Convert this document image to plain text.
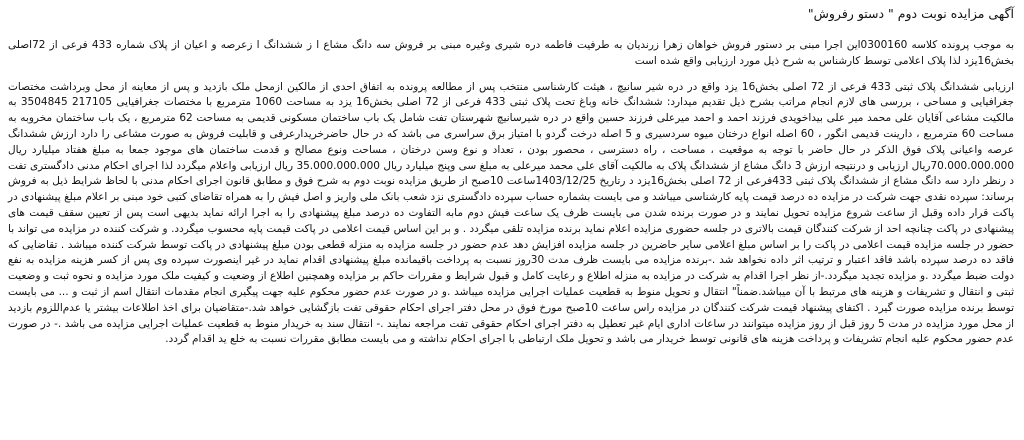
آگهی مزایده نوبت دوم " دستو رفروش"

به موجب پرونده کلاسه 0300160این اجرا مبنی بر دستور فروش خواهان زهرا زرندیان به طرفیت فاطمه دره شیری وغیره مبنی بر فروش سه دانگ مشاع ا ز ششدانگ ا زعرصه و اعیان از پلاک شماره 433 فرعی از 72اصلی بخش16یزد لذا پلاک اعلامی توسط کارشناس به شرح ذیل مورد ارزیابی واقع شده است

ارزیابی ششدانگ پلاک ثبتی 433 فرعی از 72 اصلی بخش16 یزد واقع در دره شیر سانیچ ، هیئت کارشناسی منتخب پس از مطالعه پرونده به اتفاق احدی از مالکین ازمحل ملک بازدید و پس از معاینه از محل وبرداشت مختصات جغرافیایی و مساحی ، بررسی های لازم انجام مراتب بشرح ذیل تقدیم میدارد: ششدانگ خانه وباغ تحت پلاک ثبتی 433 فرعی از 72 اصلی بخش16 یزد به مساحت 1060 مترمربع با مختصات جغرافیایی 217105 3504845 به مالکیت مشاعی آقایان علی محمد میر علی بیداخویدی فرزند احمد و احمد میرعلی فرزند حسین واقع در دره شیرسانیچ شهرستان تفت شامل یک باب ساختمان مسکونی قدیمی به مساحت 62 مترمربع ، یک باب ساختمان مخروبه به مساحت 60 مترمربع ، دارینت قدیمی انگور ، 60 اصله انواع درختان میوه سردسیری و 5 اصله درخت گردو با امتیاز برق سراسری می باشد که در حال حاضرخریدارعرفی و قابلیت فروش به صورت مشاعی را دارد ارزش ششدانگ عرصه واعیانی پلاک فوق الذکر در حال حاضر با توجه به موقعیت ، مساحت ، راه دسترسی ، محصور بودن ، تعداد و نوع وسن درختان ، مساحت ونوع مصالح و قدمت ساختمان های موجود جمعا به مبلغ هفتاد میلیارد ریال 70.000.000.000ریال ارزیابی و درنتیجه ارزش 3 دانگ مشاع از ششدانگ پلاک به مالکیت آقای علی محمد میرعلی به مبلغ سی وپنج میلیارد ریال 35.000.000.000 ریال ارزیابی واعلام میگردد لذا اجرای احکام مدنی دادگستری تفت د رنظر دارد سه دانگ مشاع از ششدانگ پلاک ثبتی 433فرعی از 72 اصلی بخش16یزد د رتاریخ 1403/12/25ساعت 10صبح از طریق مزایده نوبت دوم به شرح فوق و مطابق قانون اجرای احکام مدنی با لحاظ شرایط ذیل به فروش برساند: سپرده نقدی جهت شرکت در مزایده ده درصد قیمت پایه کارشناسی میباشد و می بایست بشماره حساب سپرده دادگستری نزد شعب بانک ملی واریز و اصل فیش را به همراه تقاضای کتبی خود مبنی بر اعلام مبلغ پیشنهادی در پاکت قرار داده وقبل از ساعت شروع مزایده تحویل نمایند و در صورت برنده شدن می بایست ظرف یک ساعت فیش دوم مابه التفاوت ده درصد مبلغ پیشنهادی را به اجرا ارائه نماید بدیهی است پس از تعیین سقف قیمت های پیشنهادی در پاکت چنانچه احد از شرکت کنندگان قیمت بالاتری در جلسه حضوری مزایده اعلام نماید برنده مزایده تلقی میگردد . و بر این اساس قیمت اعلامی در پاکت قیمت پایه محسوب میگردد. و شرکت کننده در مزایده می تواند با حضور در جلسه مزایده قیمت اعلامی در پاکت را بر اساس مبلغ اعلامی سایر حاضرین در جلسه مزایده افزایش دهد عدم حضور در جلسه مزایده به منزله قطعی بودن مبلغ پیشنهادی در پاکت توسط شرکت کننده میباشد . تقاضایی که فاقد ده درصد سپرده باشد فاقد اعتبار و ترتیب اثر داده نخواهد شد .-برنده مزایده می بایست ظرف مدت 30روز نسبت به پرداخت باقیمانده مبلغ پیشنهادی اقدام نماید در غیر اینصورت سپرده وی پس از کسر هزینه مزایده به نفع دولت ضبط میگردد .و مزایده تجدید میگردد.-از نظر اجرا اقدام به شرکت در مزایده به منزله اطلاع و رعایت کامل و قبول شرایط و مقررات حاکم بر مزایده وهمچنین اطلاع از وضعیت و کیفیت ملک مورد مزایده و نحوه ثبت و وضعیت ثبتی و انتقال و تشریفات و هزینه های مرتبط با آن میباشد.ضمناً" انتقال و تحویل منوط به قطعیت عملیات اجرایی مزایده میباشد .و در صورت عدم حضور محکوم علیه جهت پیگیری انجام مقدمات انتقال اسم از ثبت و ... می بایست توسط برنده مزایده صورت گیرد . اکتفای پیشنهاد قیمت شرکت کنندگان در مزایده راس ساعت 10صبح مورخ فوق در محل دفتر اجرای احکام حقوقی تفت بازگشایی خواهد شد.-متقاضیان برای اخذ اطلاعات بیشتر یا عدم‌اللزوم بازدید از محل مورد مزایده در مدت 5 روز قبل از روز مزایده میتوانند در ساعات اداری ایام غیر تعطیل به دفتر اجرای احکام حقوقی تفت مراجعه نمایند .- انتقال سند به خریدار منوط به قطعیت عملیات اجرایی مزایده می باشد .- در صورت عدم حضور محکوم علیه انجام تشریفات و پرداخت هزینه های قانونی توسط خریدار می باشد و تحویل ملک ارتباطی با اجرای احکام نداشته و می بایست مطابق مقررات نسبت به خلع ید اقدام گردد.
